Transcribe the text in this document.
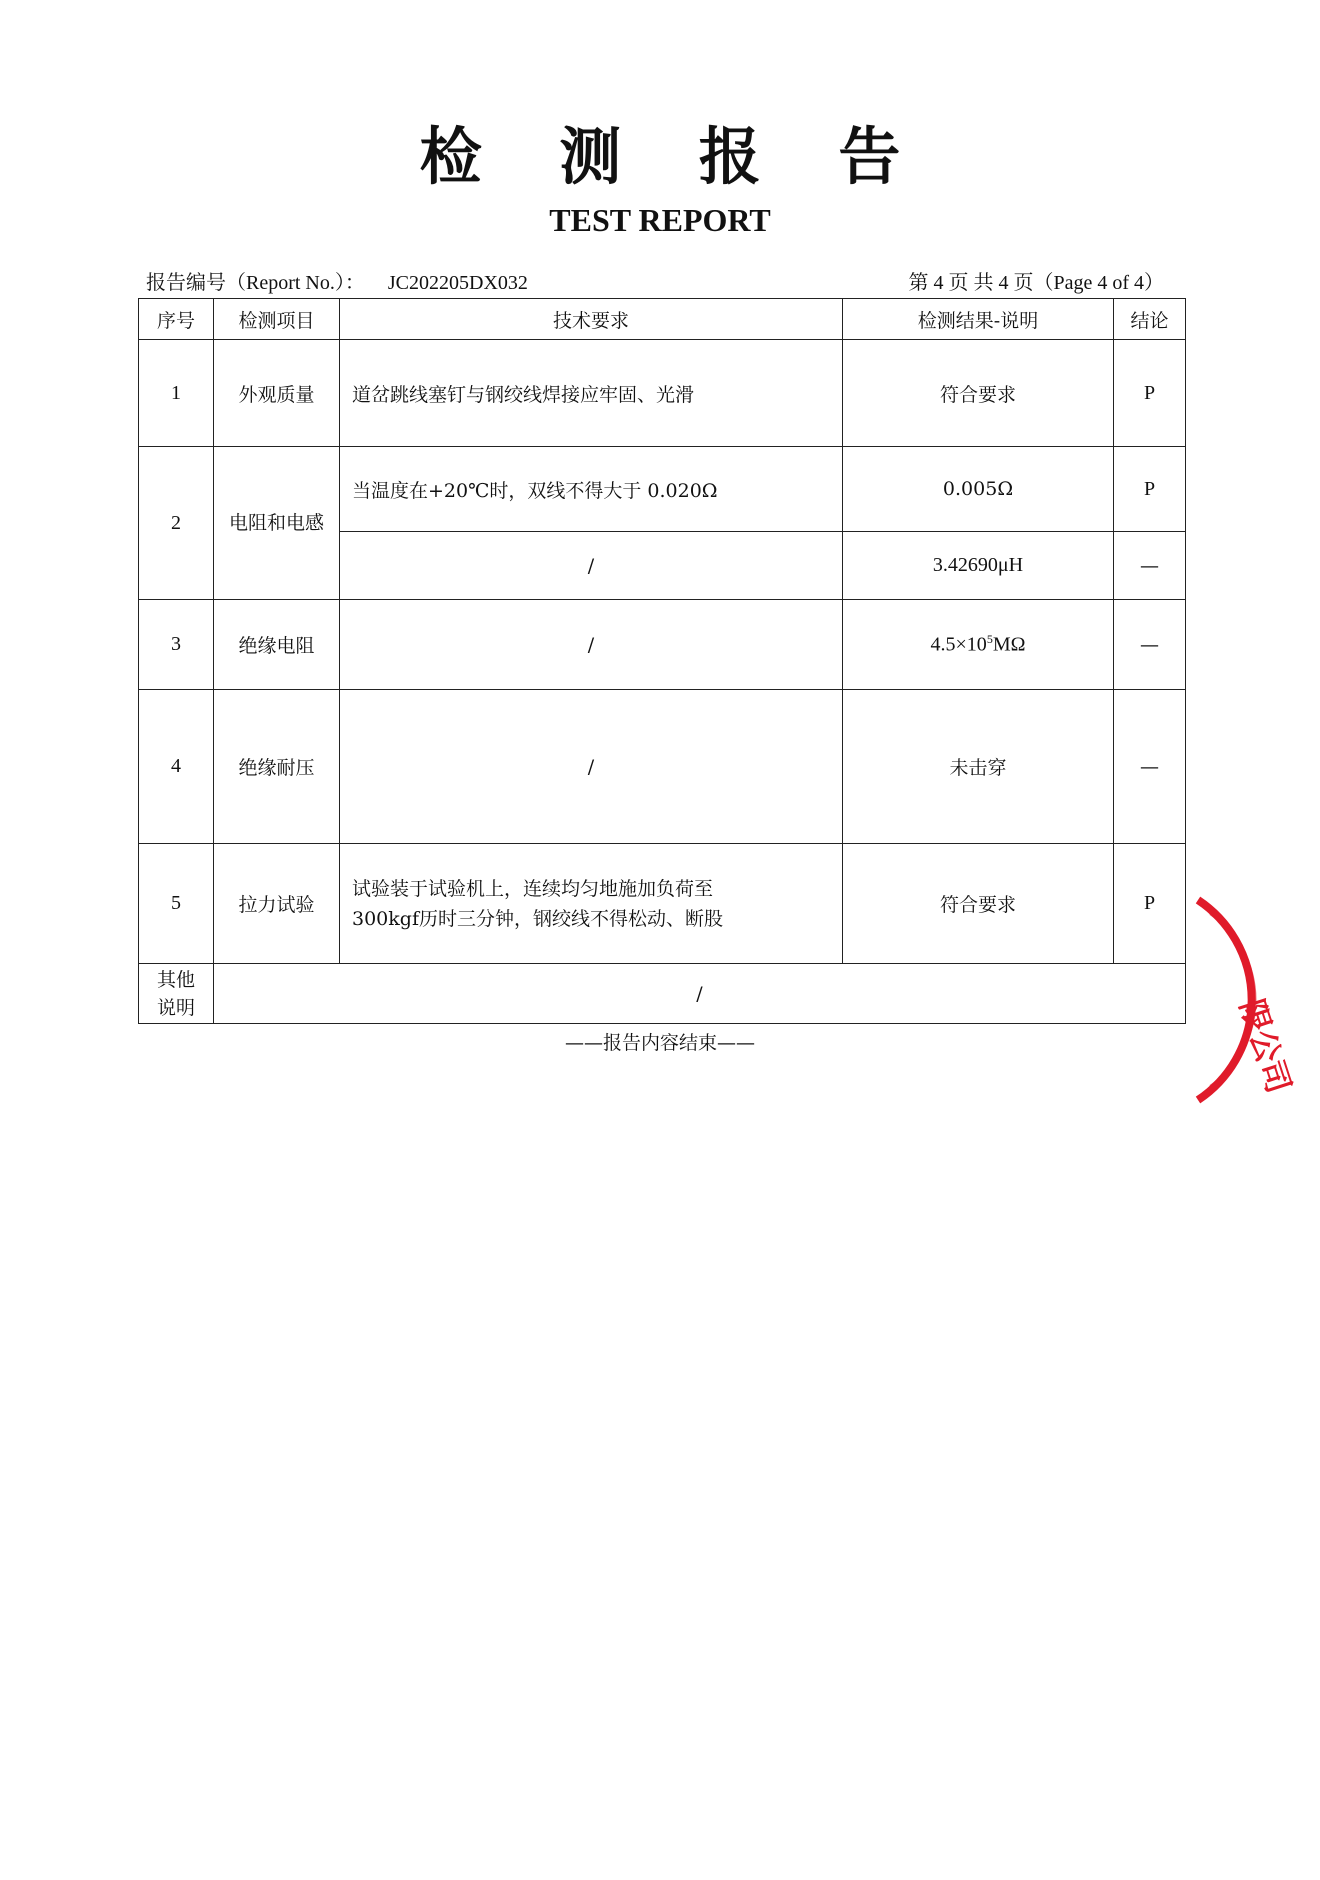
检 测 报 告
TEST REPORT
报告编号（Report No.）： JC202205DX032	第 4 页 共 4 页（Page 4 of 4）
序号	检测项目	技术要求	检测结果-说明	结论
1	外观质量	道岔跳线塞钉与钢绞线焊接应牢固、光滑	符合要求	P
2	电阻和电感	当温度在+20℃时，双线不得大于 0.020Ω	0.005Ω	P
		/	3.42690μH	—
3	绝缘电阻	/	$4.5\times 10^5M\Omega$	—
4	绝缘耐压	/	未击穿	—
5	拉力试验	试验装于试验机上，连续均匀地施加负荷至
300kgf历时三分钟，钢绞线不得松动、断股	符合要求	P

其他
说明	/			
——报告内容结束——	限公司
